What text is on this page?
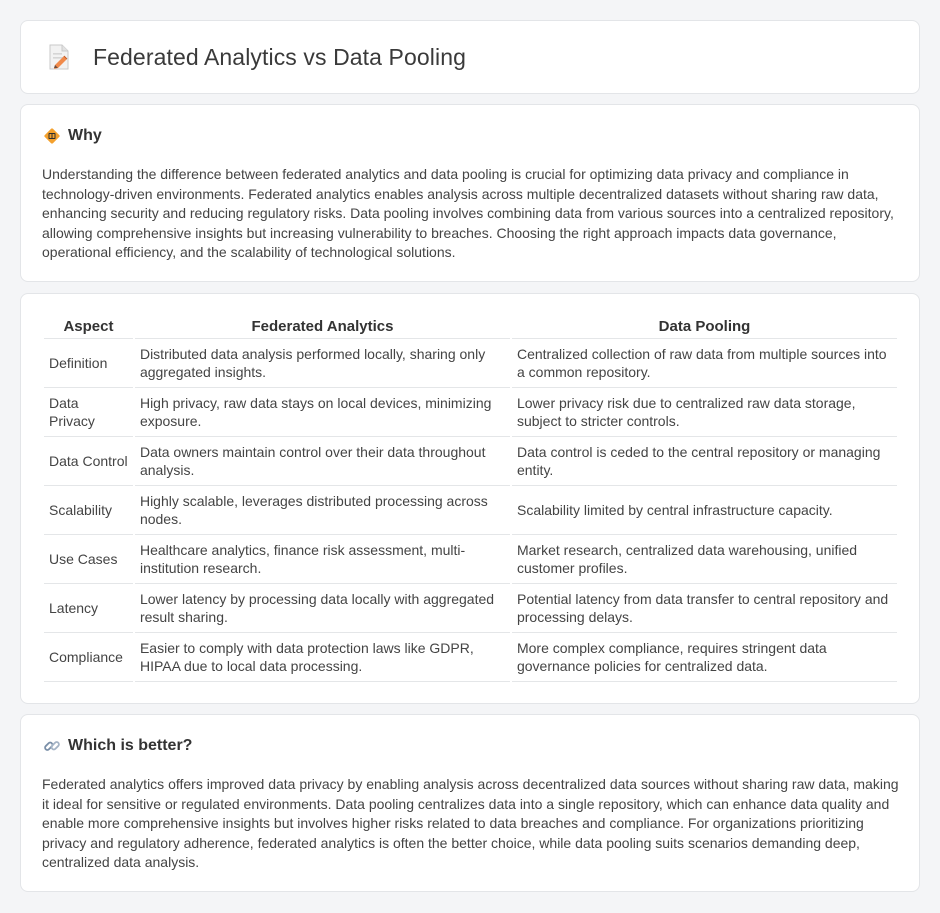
Federated Analytics vs Data Pooling
Why

Understanding the difference between federated analytics and data pooling is crucial for optimizing data privacy and compliance in technology-driven environments. Federated analytics enables analysis across multiple decentralized datasets without sharing raw data, enhancing security and reducing regulatory risks. Data pooling involves combining data from various sources into a centralized repository, allowing comprehensive insights but increasing vulnerability to breaches. Choosing the right approach impacts data governance, operational efficiency, and the scalability of technological solutions.

Aspect	Federated Analytics	Data Pooling
Definition	Distributed data analysis performed locally, sharing only aggregated insights.	Centralized collection of raw data from multiple sources into a common repository.
Data Privacy	High privacy, raw data stays on local devices, minimizing exposure.	Lower privacy risk due to centralized raw data storage, subject to stricter controls.
Data Control	Data owners maintain control over their data throughout analysis.	Data control is ceded to the central repository or managing entity.
Scalability	Highly scalable, leverages distributed processing across nodes.	Scalability limited by central infrastructure capacity.
Use Cases	Healthcare analytics, finance risk assessment, multi-institution research.	Market research, centralized data warehousing, unified customer profiles.
Latency	Lower latency by processing data locally with aggregated result sharing.	Potential latency from data transfer to central repository and processing delays.
Compliance	Easier to comply with data protection laws like GDPR, HIPAA due to local data processing.	More complex compliance, requires stringent data governance policies for centralized data.
Which is better?

Federated analytics offers improved data privacy by enabling analysis across decentralized data sources without sharing raw data, making it ideal for sensitive or regulated environments. Data pooling centralizes data into a single repository, which can enhance data quality and enable more comprehensive insights but involves higher risks related to data breaches and compliance. For organizations prioritizing privacy and regulatory adherence, federated analytics is often the better choice, while data pooling suits scenarios demanding deep, centralized data analysis.
